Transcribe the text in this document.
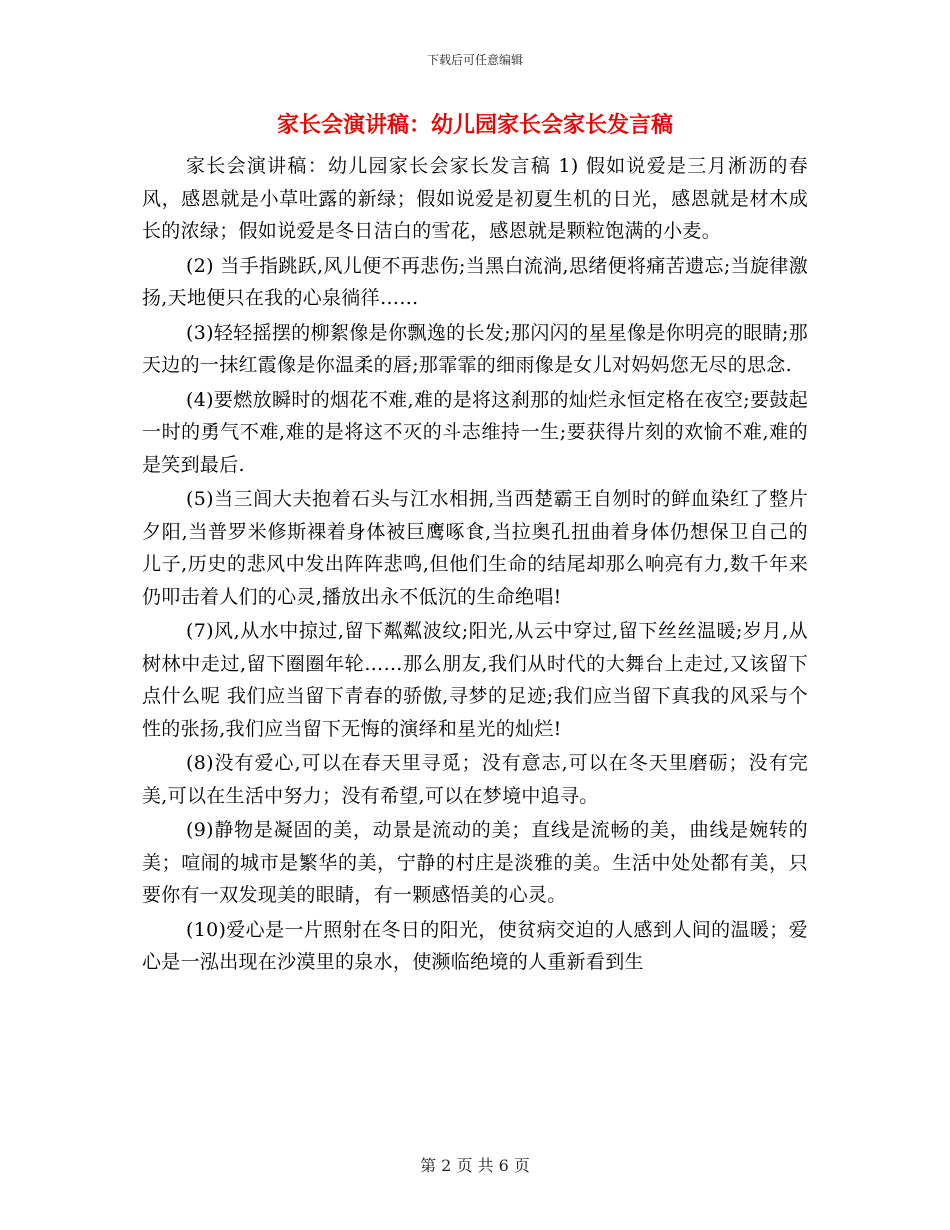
下载后可任意编辑
家长会演讲稿：幼儿园家长会家长发言稿

家长会演讲稿：幼儿园家长会家长发言稿 1) 假如说爱是三月淅沥的春风，感恩就是小草吐露的新绿；假如说爱是初夏生机的日光，感恩就是材木成长的浓绿；假如说爱是冬日洁白的雪花，感恩就是颗粒饱满的小麦。

(2) 当手指跳跃,风儿便不再悲伤;当黑白流淌,思绪便将痛苦遗忘;当旋律激扬,天地便只在我的心泉徜徉……

(3)轻轻摇摆的柳絮像是你飘逸的长发;那闪闪的星星像是你明亮的眼睛;那天边的一抹红霞像是你温柔的唇;那霏霏的细雨像是女儿对妈妈您无尽的思念.

(4)要燃放瞬时的烟花不难,难的是将这刹那的灿烂永恒定格在夜空;要鼓起一时的勇气不难,难的是将这不灭的斗志维持一生;要获得片刻的欢愉不难,难的是笑到最后.

(5)当三闾大夫抱着石头与江水相拥,当西楚霸王自刎时的鲜血染红了整片夕阳,当普罗米修斯裸着身体被巨鹰啄食,当拉奥孔扭曲着身体仍想保卫自己的儿子,历史的悲风中发出阵阵悲鸣,但他们生命的结尾却那么响亮有力,数千年来仍叩击着人们的心灵,播放出永不低沉的生命绝唱!

(7)风,从水中掠过,留下粼粼波纹;阳光,从云中穿过,留下丝丝温暖;岁月,从树林中走过,留下圈圈年轮……那么朋友,我们从时代的大舞台上走过,又该留下点什么呢 我们应当留下青春的骄傲,寻梦的足迹;我们应当留下真我的风采与个性的张扬,我们应当留下无悔的演绎和星光的灿烂!

(8)没有爱心,可以在春天里寻觅；没有意志,可以在冬天里磨砺；没有完美,可以在生活中努力；没有希望,可以在梦境中追寻。

(9)静物是凝固的美，动景是流动的美；直线是流畅的美，曲线是婉转的美；喧闹的城市是繁华的美，宁静的村庄是淡雅的美。生活中处处都有美，只要你有一双发现美的眼睛，有一颗感悟美的心灵。

(10)爱心是一片照射在冬日的阳光，使贫病交迫的人感到人间的温暖；爱心是一泓出现在沙漠里的泉水，使濒临绝境的人重新看到生

第 2 页 共 6 页
